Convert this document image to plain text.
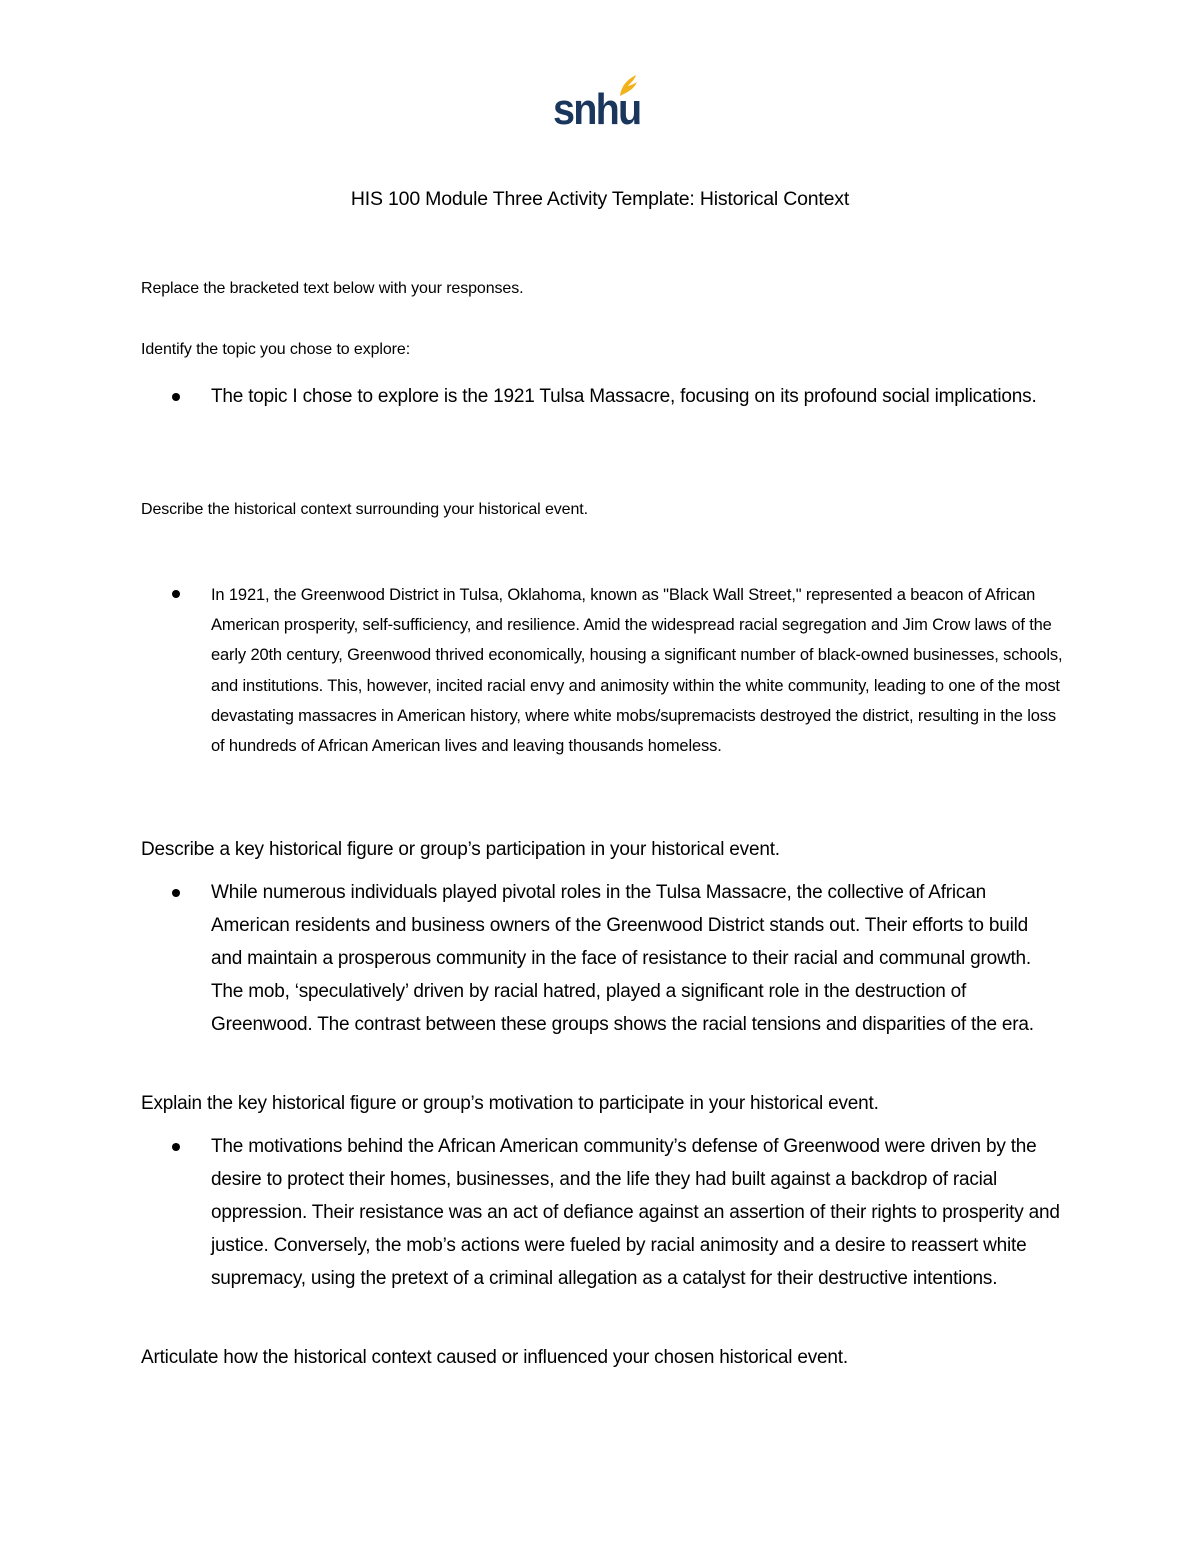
snhu
HIS 100 Module Three Activity Template: Historical Context
Replace the bracketed text below with your responses.
Identify the topic you chose to explore:
The topic I chose to explore is the 1921 Tulsa Massacre, focusing on its profound social implications.
Describe the historical context surrounding your historical event.
In 1921, the Greenwood District in Tulsa, Oklahoma, known as "Black Wall Street," represented a beacon of African American prosperity, self-sufficiency, and resilience. Amid the widespread racial segregation and Jim Crow laws of the early 20th century, Greenwood thrived economically, housing a significant number of black-owned businesses, schools, and institutions. This, however, incited racial envy and animosity within the white community, leading to one of the most devastating massacres in American history, where white mobs/supremacists destroyed the district, resulting in the loss of hundreds of African American lives and leaving thousands homeless.
Describe a key historical figure or group’s participation in your historical event.
While numerous individuals played pivotal roles in the Tulsa Massacre, the collective of African American residents and business owners of the Greenwood District stands out. Their efforts to build and maintain a prosperous community in the face of resistance to their racial and communal growth. The mob, ‘speculatively’ driven by racial hatred, played a significant role in the destruction of Greenwood. The contrast between these groups shows the racial tensions and disparities of the era.
Explain the key historical figure or group’s motivation to participate in your historical event.
The motivations behind the African American community’s defense of Greenwood were driven by the desire to protect their homes, businesses, and the life they had built against a backdrop of racial oppression. Their resistance was an act of defiance against an assertion of their rights to prosperity and justice. Conversely, the mob’s actions were fueled by racial animosity and a desire to reassert white supremacy, using the pretext of a criminal allegation as a catalyst for their destructive intentions.
Articulate how the historical context caused or influenced your chosen historical event.
